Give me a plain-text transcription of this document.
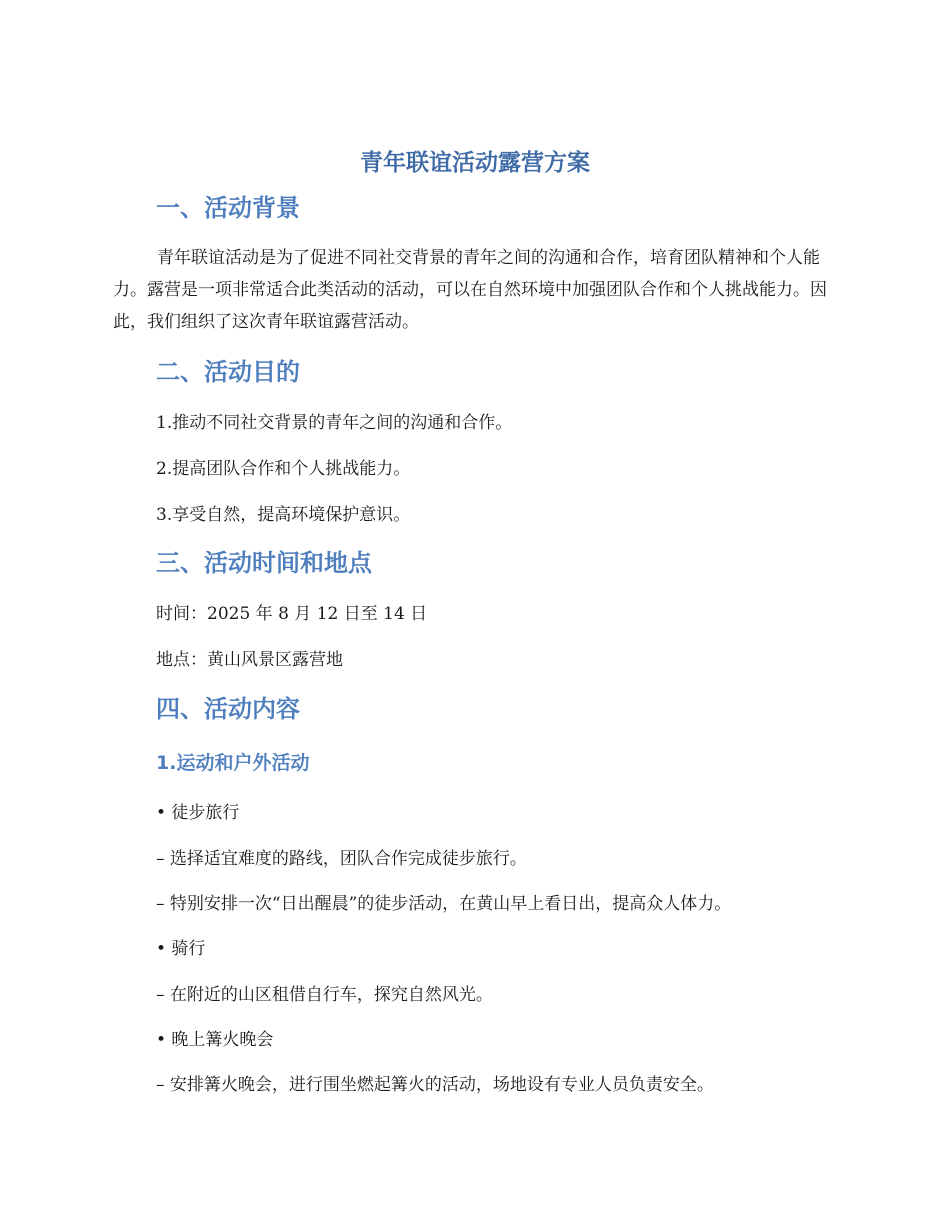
青年联谊活动露营方案
一、活动背景

青年联谊活动是为了促进不同社交背景的青年之间的沟通和合作，培育团队精神和个人能力。露营是一项非常适合此类活动的活动，可以在自然环境中加强团队合作和个人挑战能力。因此，我们组织了这次青年联谊露营活动。

二、活动目的

1.推动不同社交背景的青年之间的沟通和合作。

2.提高团队合作和个人挑战能力。

3.享受自然，提高环境保护意识。

三、活动时间和地点

时间：2025 年 8 月 12 日至 14 日

地点：黄山风景区露营地

四、活动内容
1.运动和户外活动

• 徒步旅行

– 选择适宜难度的路线，团队合作完成徒步旅行。

– 特别安排一次“日出醒晨”的徒步活动，在黄山早上看日出，提高众人体力。

• 骑行

– 在附近的山区租借自行车，探究自然风光。

• 晚上篝火晚会

– 安排篝火晚会，进行围坐燃起篝火的活动，场地设有专业人员负责安全。
